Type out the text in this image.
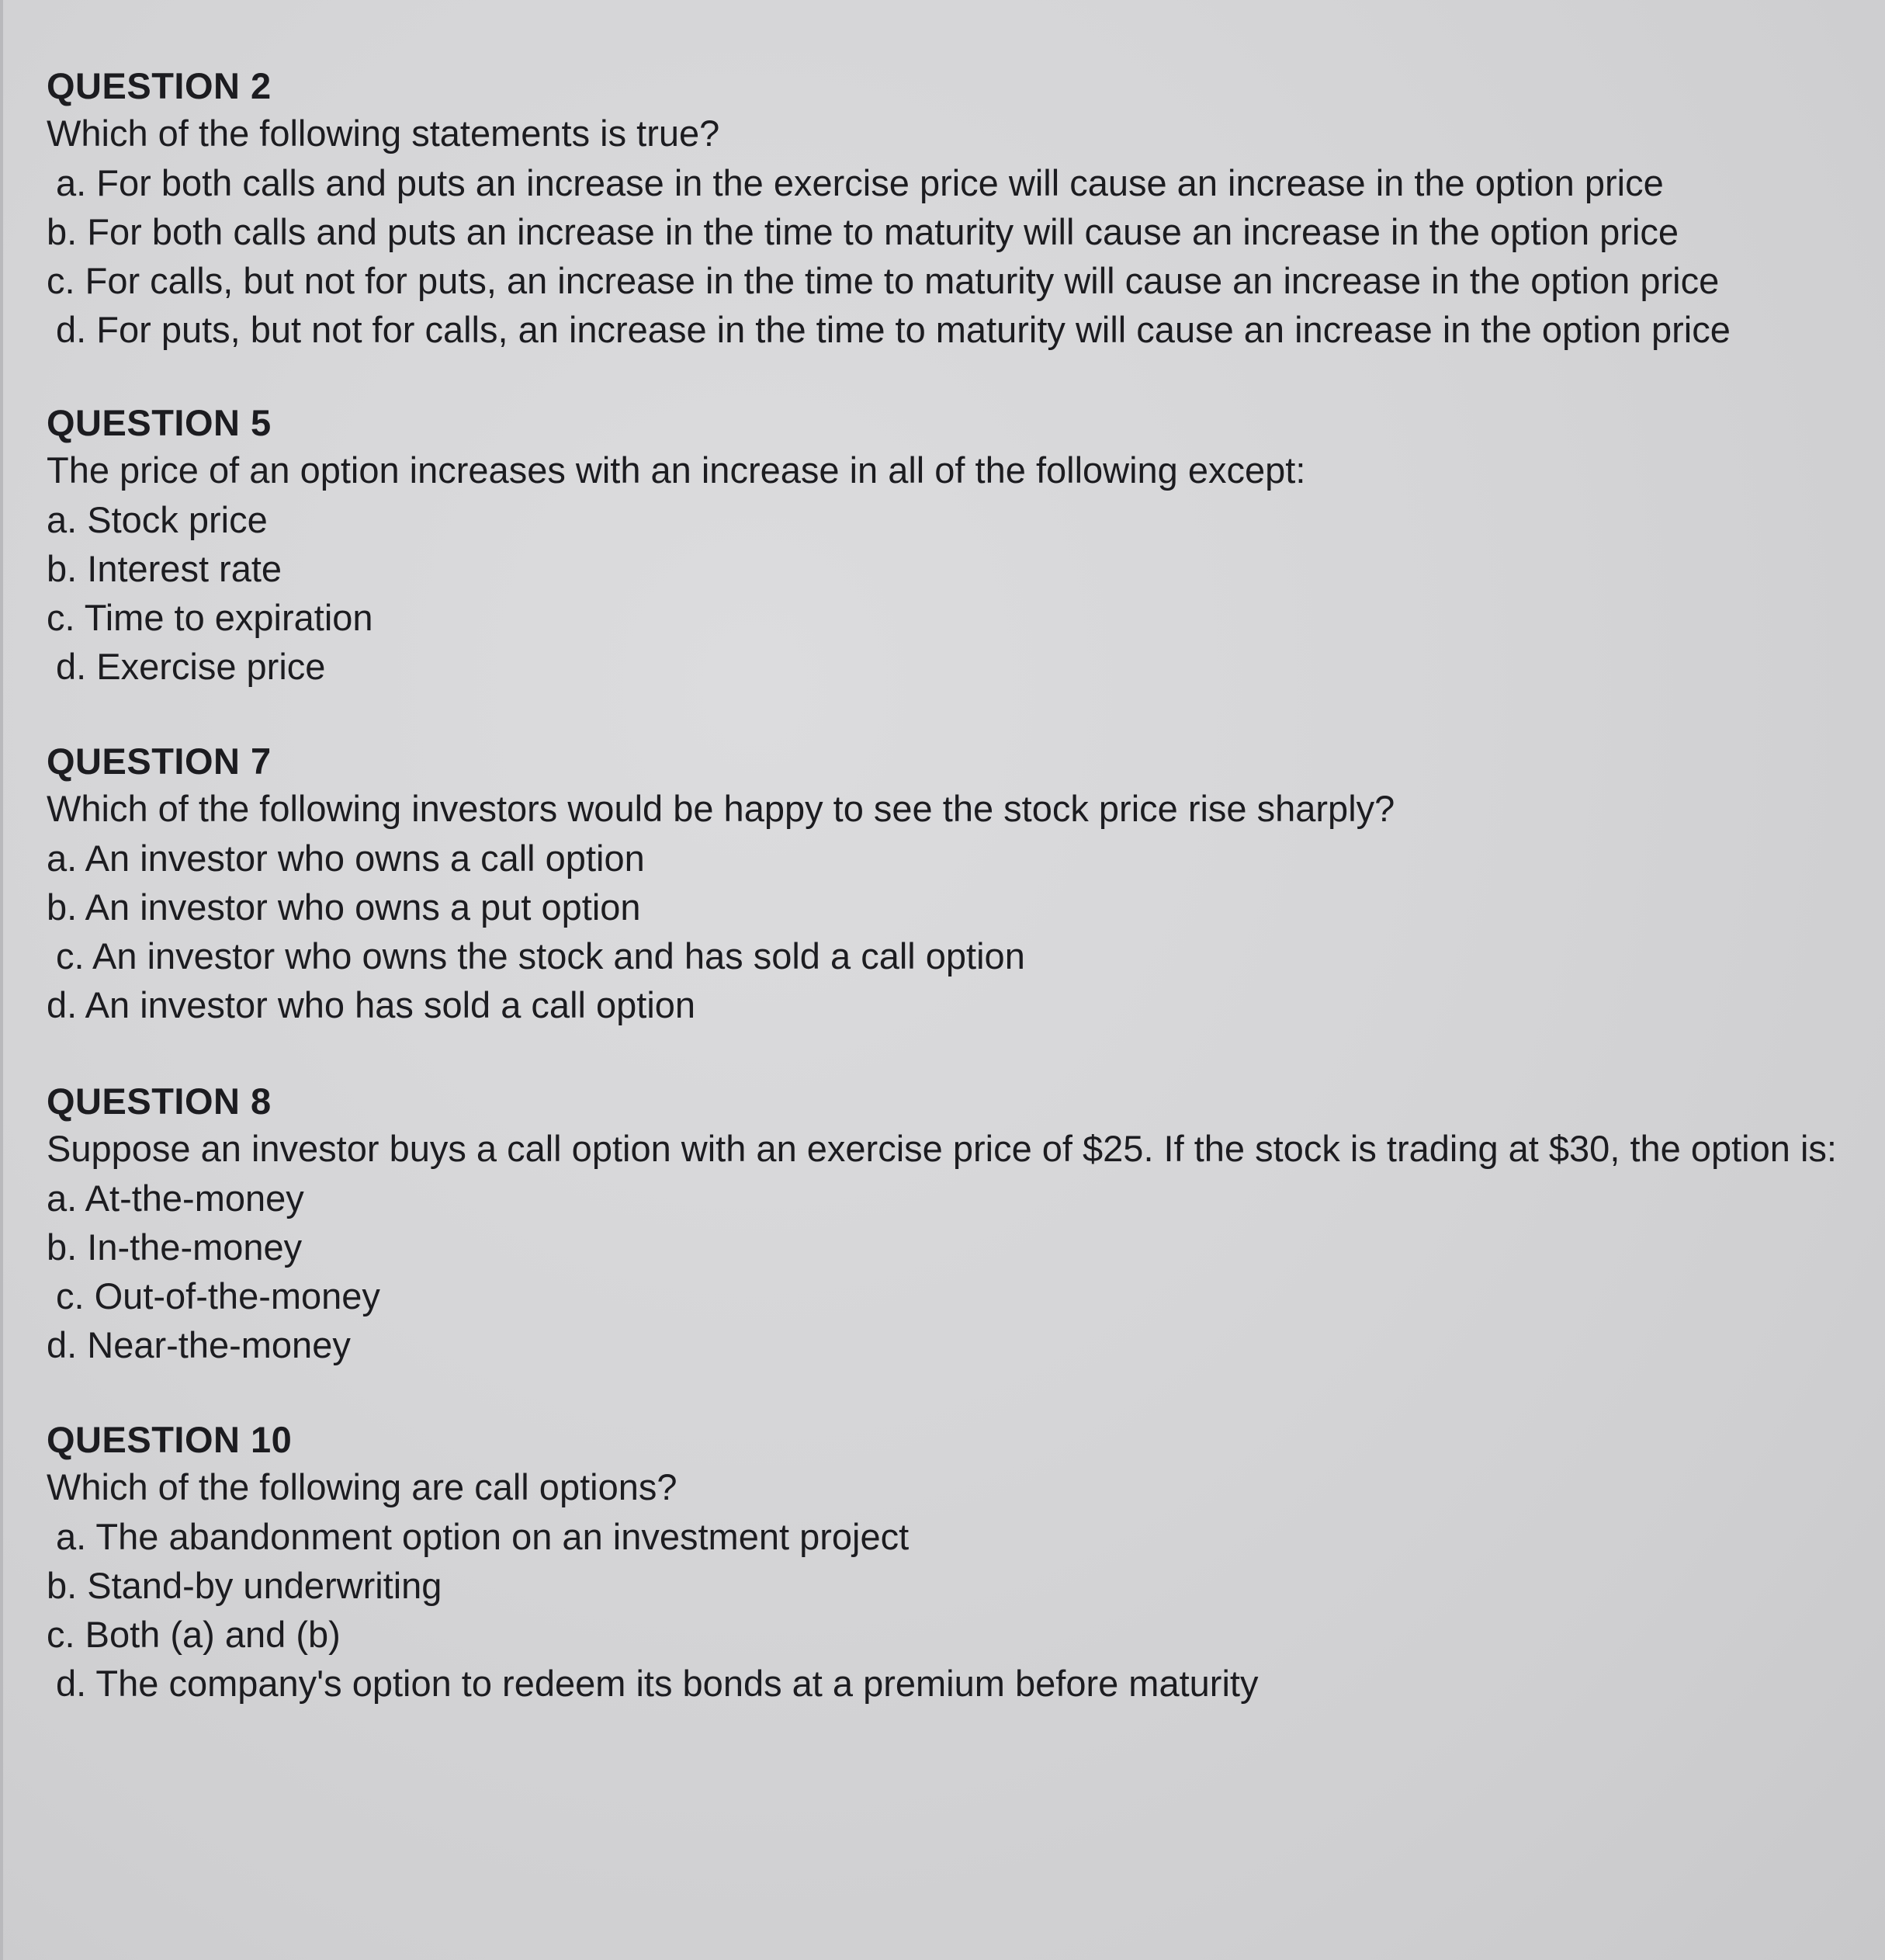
QUESTION 2

Which of the following statements is true?

a. For both calls and puts an increase in the exercise price will cause an increase in the option price
b. For both calls and puts an increase in the time to maturity will cause an increase in the option price
c. For calls, but not for puts, an increase in the time to maturity will cause an increase in the option price
d. For puts, but not for calls, an increase in the time to maturity will cause an increase in the option price
QUESTION 5

The price of an option increases with an increase in all of the following except:

a. Stock price
b. Interest rate
c. Time to expiration
d. Exercise price
QUESTION 7

Which of the following investors would be happy to see the stock price rise sharply?

a. An investor who owns a call option
b. An investor who owns a put option
c. An investor who owns the stock and has sold a call option
d. An investor who has sold a call option
QUESTION 8

Suppose an investor buys a call option with an exercise price of $25. If the stock is trading at $30, the option is:

a. At-the-money
b. In-the-money
c. Out-of-the-money
d. Near-the-money
QUESTION 10

Which of the following are call options?

a. The abandonment option on an investment project
b. Stand-by underwriting
c. Both (a) and (b)
d. The company's option to redeem its bonds at a premium before maturity
